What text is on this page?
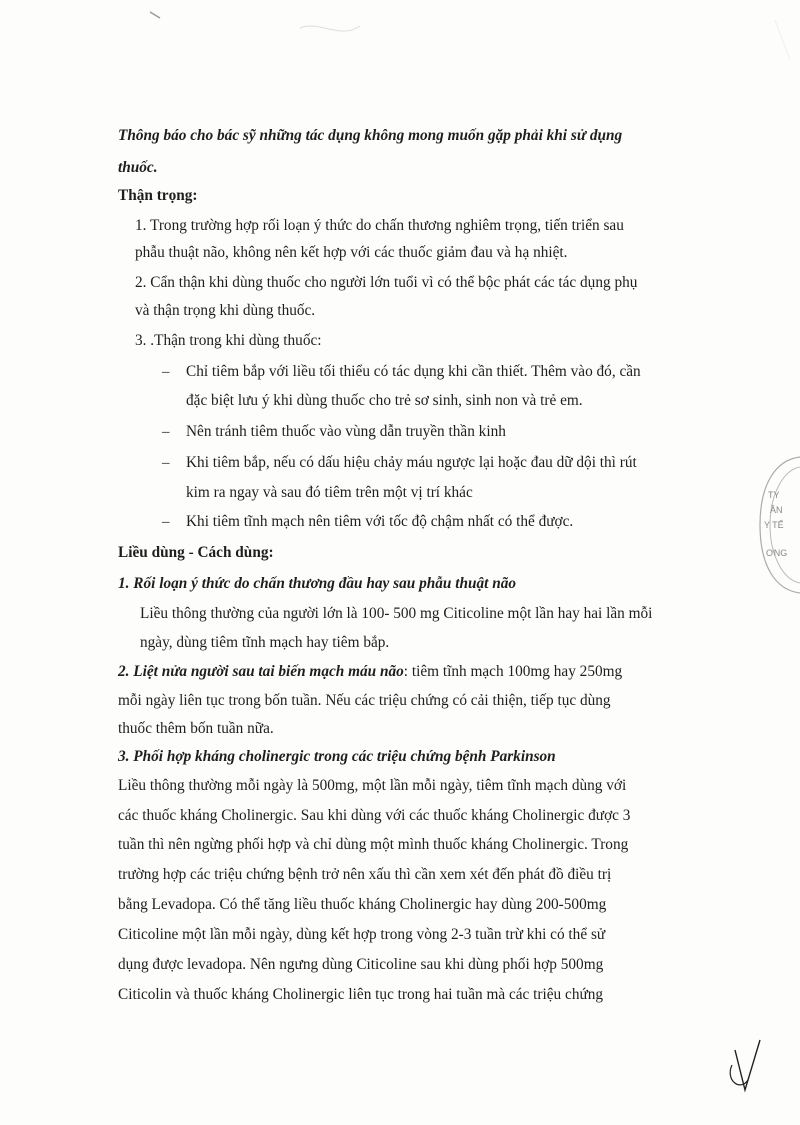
TY
ẦN
Y TẾ
ƠNG
Thông báo cho bác sỹ những tác dụng không mong muốn gặp phải khi sử dụng
thuốc.
Thận trọng:
1. Trong trường hợp rối loạn ý thức do chấn thương nghiêm trọng, tiến triển sau
phẫu thuật não, không nên kết hợp với các thuốc giảm đau và hạ nhiệt.
2. Cẩn thận khi dùng thuốc cho người lớn tuổi vì có thể bộc phát các tác dụng phụ
và thận trọng khi dùng thuốc.
3. .Thận trong khi dùng thuốc:
– Chỉ tiêm bắp với liều tối thiểu có tác dụng khi cần thiết. Thêm vào đó, cần
đặc biệt lưu ý khi dùng thuốc cho trẻ sơ sinh, sinh non và trẻ em.
– Nên tránh tiêm thuốc vào vùng dẫn truyền thần kinh
– Khi tiêm bắp, nếu có dấu hiệu chảy máu ngược lại hoặc đau dữ dội thì rút
kim ra ngay và sau đó tiêm trên một vị trí khác
– Khi tiêm tĩnh mạch nên tiêm với tốc độ chậm nhất có thể được.
Liều dùng - Cách dùng:
1. Rối loạn ý thức do chấn thương đầu hay sau phẫu thuật não
Liều thông thường của người lớn là 100- 500 mg Citicoline một lần hay hai lần mỗi
ngày, dùng tiêm tĩnh mạch hay tiêm bắp.
2. Liệt nửa người sau tai biến mạch máu não: tiêm tĩnh mạch 100mg hay 250mg
mỗi ngày liên tục trong bốn tuần. Nếu các triệu chứng có cải thiện, tiếp tục dùng
thuốc thêm bốn tuần nữa.
3. Phối hợp kháng cholinergic trong các triệu chứng bệnh Parkinson
Liều thông thường mỗi ngày là 500mg, một lần mỗi ngày, tiêm tĩnh mạch dùng với
các thuốc kháng Cholinergic. Sau khi dùng với các thuốc kháng Cholinergic được 3
tuần thì nên ngừng phối hợp và chỉ dùng một mình thuốc kháng Cholinergic. Trong
trường hợp các triệu chứng bệnh trở nên xấu thì cần xem xét đến phát đồ điều trị
bằng Levadopa. Có thể tăng liều thuốc kháng Cholinergic hay dùng 200-500mg
Citicoline một lần mỗi ngày, dùng kết hợp trong vòng 2-3 tuần trừ khi có thể sử
dụng được levadopa. Nên ngưng dùng Citicoline sau khi dùng phối hợp 500mg
Citicolin và thuốc kháng Cholinergic liên tục trong hai tuần mà các triệu chứng
